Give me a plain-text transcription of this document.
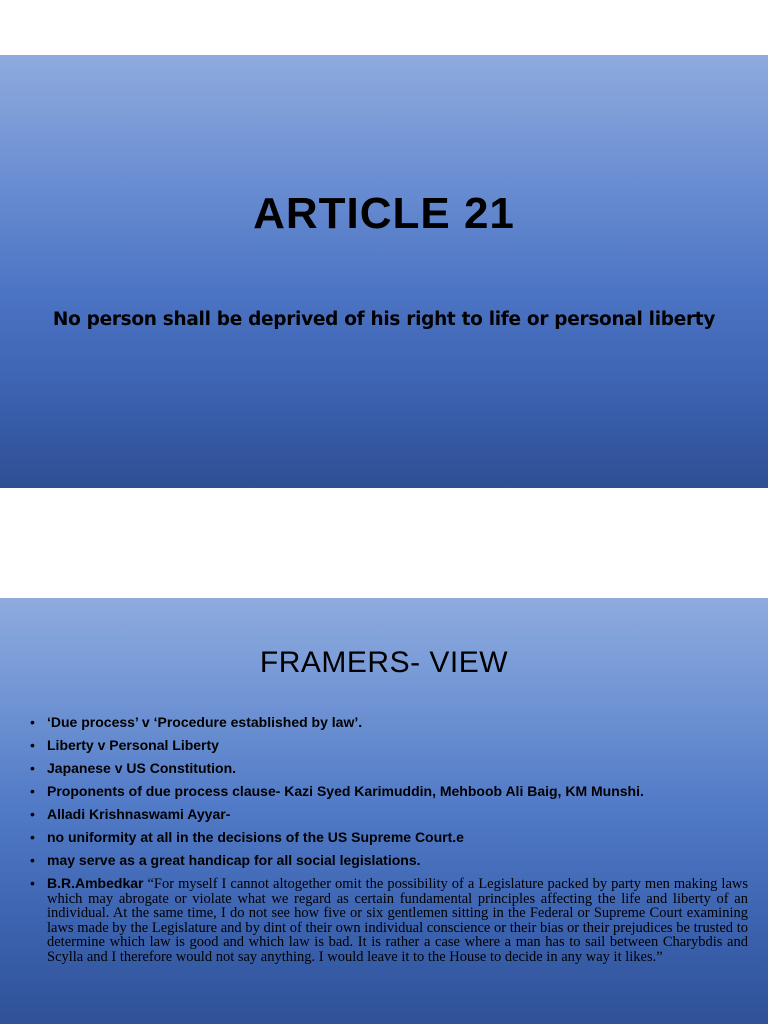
ARTICLE 21
No person shall be deprived of his right to life or personal liberty
FRAMERS- VIEW
• ‘Due process’ v ‘Procedure established by law’.
• Liberty v Personal Liberty
• Japanese v US Constitution.
• Proponents of due process clause- Kazi Syed Karimuddin, Mehboob Ali Baig, KM Munshi.
• Alladi Krishnaswami Ayyar-
• no uniformity at all in the decisions of the US Supreme Court.e
• may serve as a great handicap for all social legislations.
• B.R.Ambedkar “For myself I cannot altogether omit the possibility of a Legislature packed by party men making laws which may abrogate or violate what we regard as certain fundamental principles affecting the life and liberty of an individual. At the same time, I do not see how five or six gentlemen sitting in the Federal or Supreme Court examining laws made by the Legislature and by dint of their own individual conscience or their bias or their prejudices be trusted to determine which law is good and which law is bad. It is rather a case where a man has to sail between Charybdis and Scylla and I therefore would not say anything. I would leave it to the House to decide in any way it likes.”
